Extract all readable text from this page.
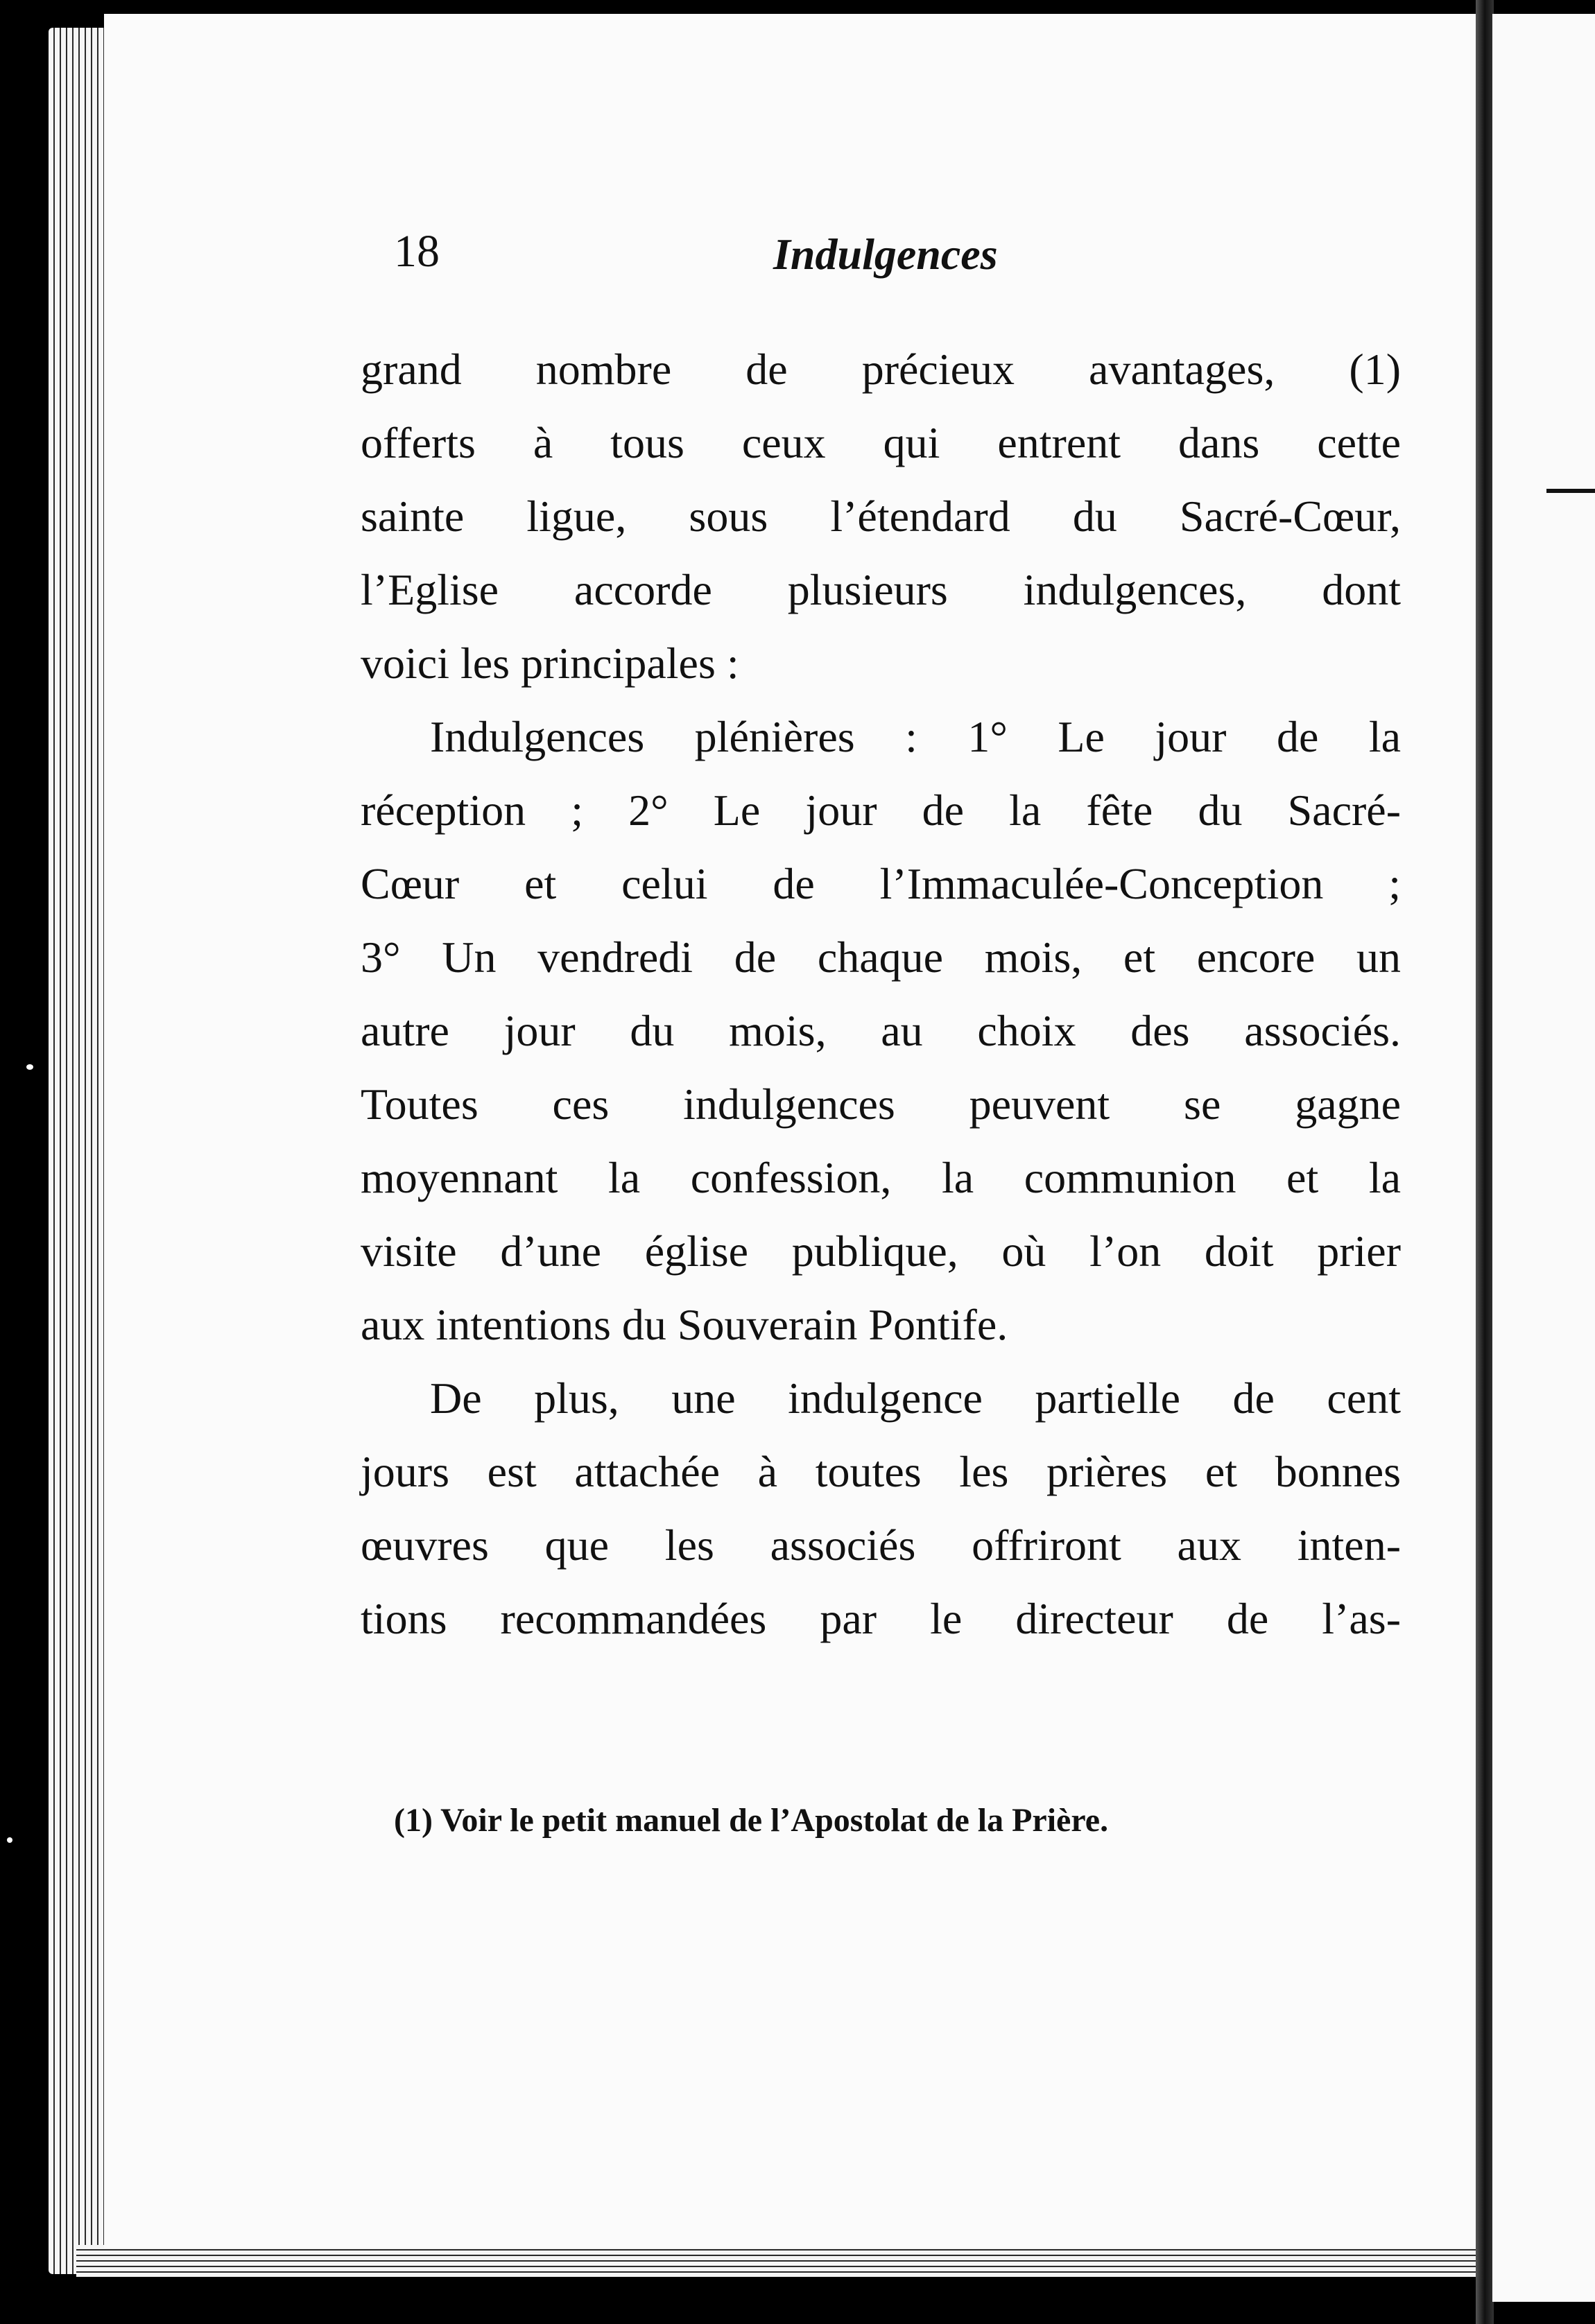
18	Indulgences
grand nombre de précieux avantages, (1)
offerts à tous ceux qui entrent dans cette
sainte ligue, sous l’étendard du Sacré-Cœur,
l’Eglise accorde plusieurs indulgences, dont
voici les principales :
Indulgences plénières : 1° Le jour de la
réception ; 2° Le jour de la fête du Sacré-
Cœur et celui de l’Immaculée-Conception ;
3° Un vendredi de chaque mois, et encore un
autre jour du mois, au choix des associés.
Toutes ces indulgences peuvent se gagne
moyennant la confession, la communion et la
visite d’une église publique, où l’on doit prier
aux intentions du Souverain Pontife.
De plus, une indulgence partielle de cent
jours est attachée à toutes les prières et bonnes
œuvres que les associés offriront aux inten-
tions recommandées par le directeur de l’as-
(1) Voir le petit manuel de l’Apostolat de la Prière.
